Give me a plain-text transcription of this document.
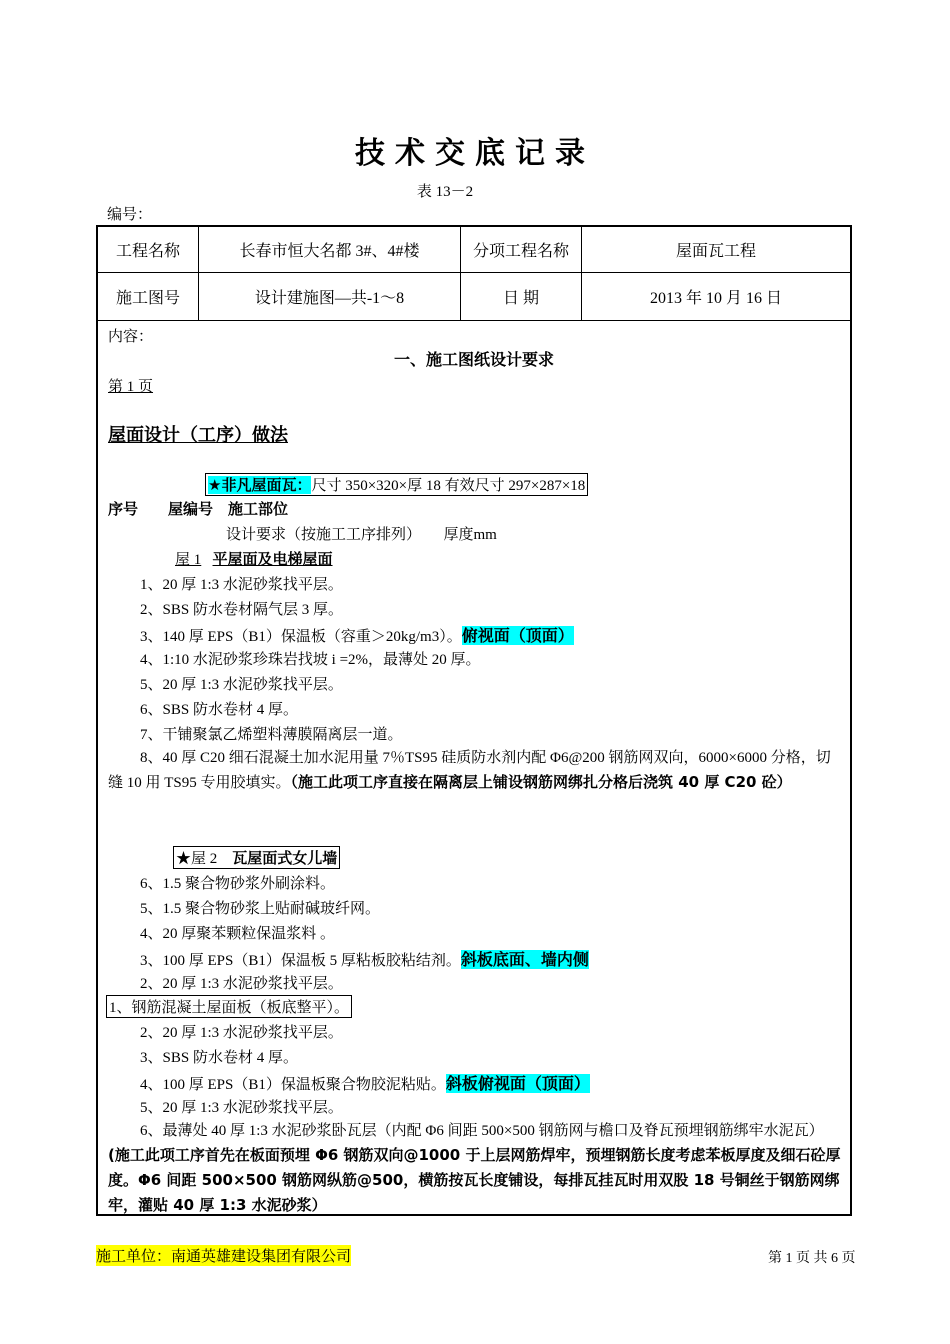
技术交底记录
表 13－2
编号：
工程名称	长春市恒大名都 3#、4#楼	分项工程名称	屋面瓦工程
施工图号	设计建施图—共-1～8	日 期	2013 年 10 月 16 日
内容：
一、施工图纸设计要求
第 1 页
屋面设计（工序）做法
★非凡屋面瓦：尺寸 350×320×厚 18 有效尺寸 297×287×18
序号　　屋编号　施工部位
设计要求（按施工工序排列）　　厚度mm
屋 1 平屋面及电梯屋面
1、20 厚 1:3 水泥砂浆找平层。
2、SBS 防水卷材隔气层 3 厚。
3、140 厚 EPS（B1）保温板（容重＞20kg/m3）。俯视面（顶面）
4、1:10 水泥砂浆珍珠岩找坡 i =2%，最薄处 20 厚。
5、20 厚 1:3 水泥砂浆找平层。
6、SBS 防水卷材 4 厚。
7、干铺聚氯乙烯塑料薄膜隔离层一道。
8、40 厚 C20 细石混凝土加水泥用量 7％TS95 硅质防水剂内配 Φ6@200 钢筋网双向，6000×6000 分格，切缝 10 用 TS95 专用胶填实。（施工此项工序直接在隔离层上铺设钢筋网绑扎分格后浇筑 40 厚 C20 砼）
★屋 2 瓦屋面式女儿墙
6、1.5 聚合物砂浆外刷涂料。
5、1.5 聚合物砂浆上贴耐碱玻纤网。
4、20 厚聚苯颗粒保温浆料 。
3、100 厚 EPS（B1）保温板 5 厚粘板胶粘结剂。斜板底面、墙内侧
2、20 厚 1:3 水泥砂浆找平层。
1、钢筋混凝土屋面板（板底整平）。
2、20 厚 1:3 水泥砂浆找平层。
3、SBS 防水卷材 4 厚。
4、100 厚 EPS（B1）保温板聚合物胶泥粘贴。斜板俯视面（顶面）
5、20 厚 1:3 水泥砂浆找平层。
6、最薄处 40 厚 1:3 水泥砂浆卧瓦层（内配 Φ6 间距 500×500 钢筋网与檐口及脊瓦预埋钢筋绑牢水泥瓦）(施工此项工序首先在板面预埋 Φ6 钢筋双向@1000 于上层网筋焊牢，预埋钢筋长度考虑苯板厚度及细石砼厚度。Φ6 间距 500×500 钢筋网纵筋@500，横筋按瓦长度铺设，每排瓦挂瓦时用双股 18 号铜丝于钢筋网绑牢，灌贴 40 厚 1:3 水泥砂浆）
施工单位：南通英雄建设集团有限公司	第 1 页 共 6 页
